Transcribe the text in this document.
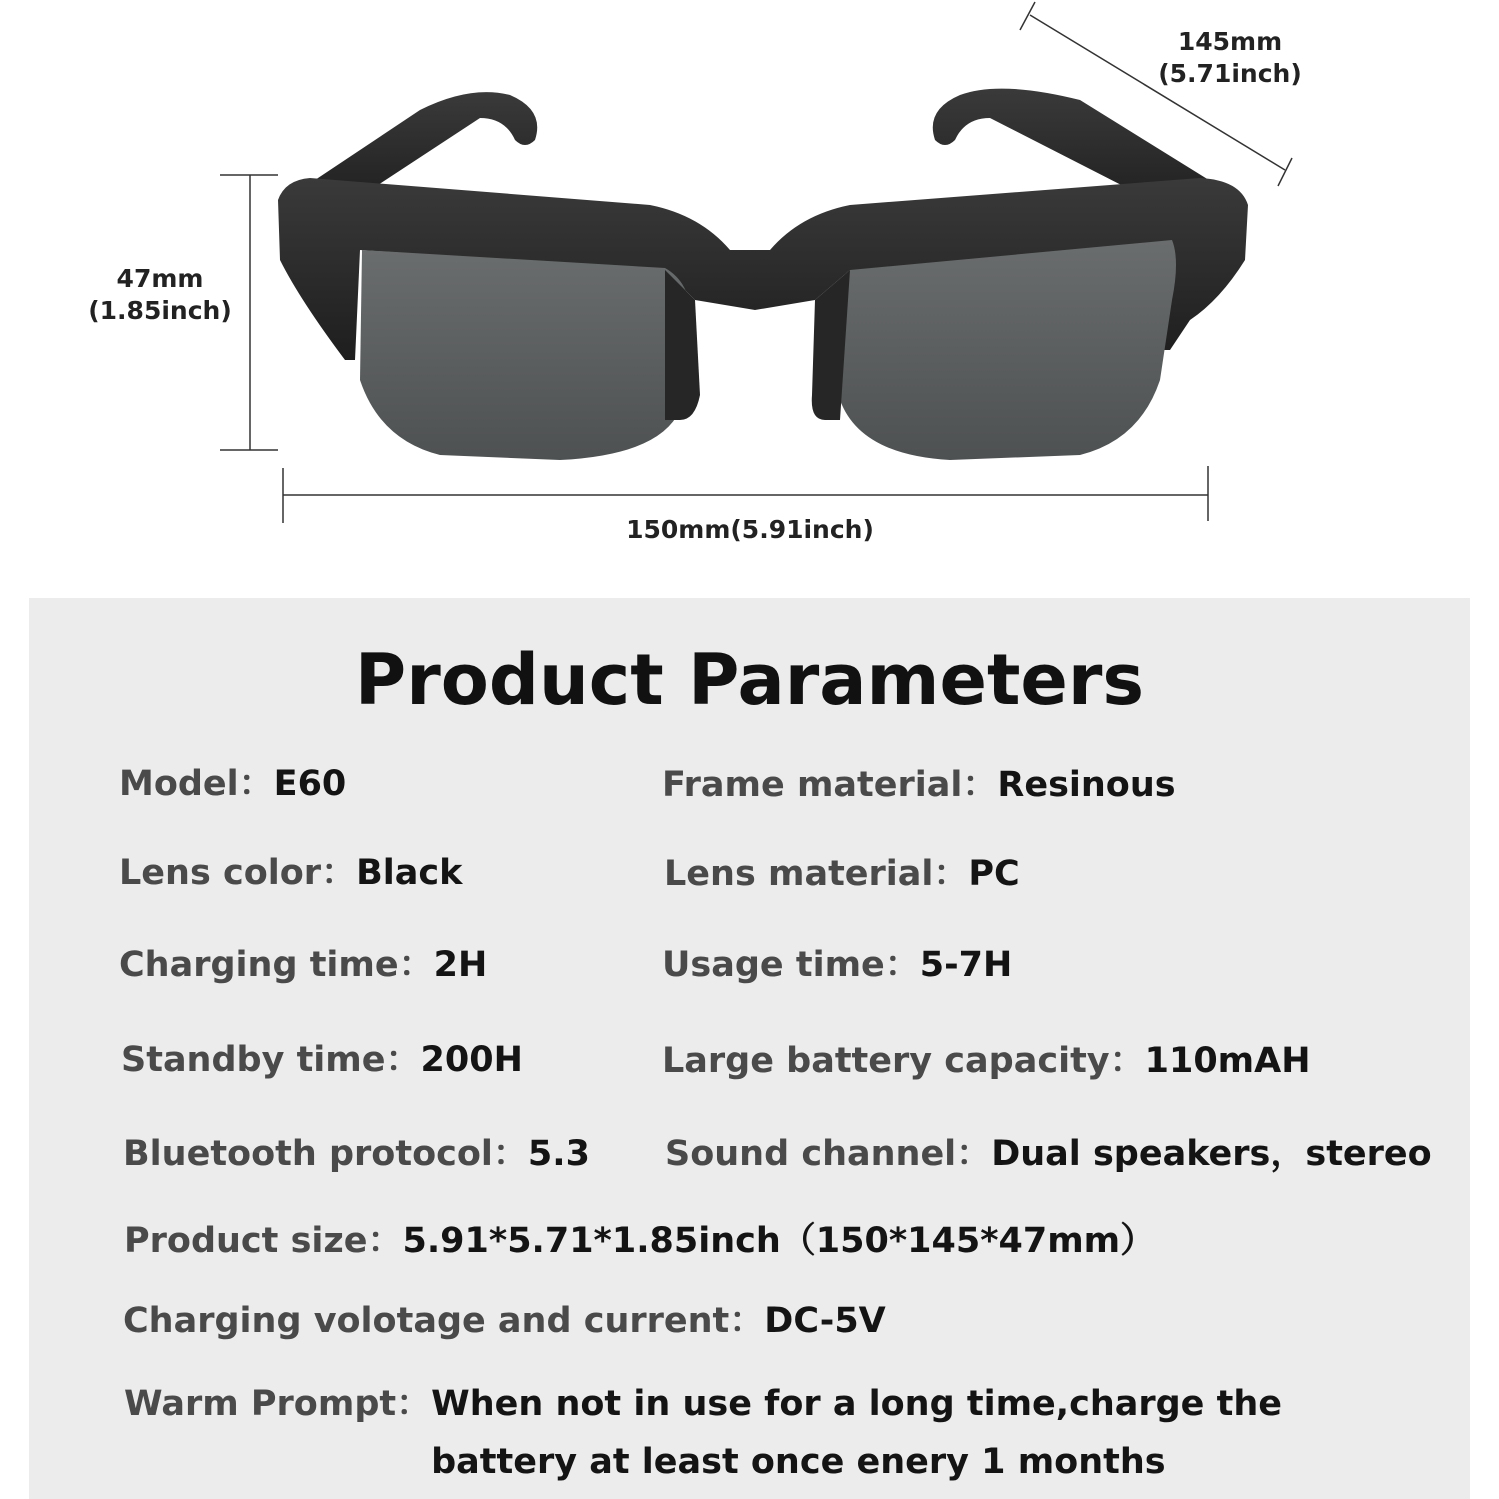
145mm
(5.71inch)
47mm
(1.85inch)
150mm(5.91inch)
Product Parameters
Model：E60	Frame material：Resinous
Lens color：Black	Lens material：PC
Charging time：2H	Usage time：5-7H
Standby time：200H	Large battery capacity：110mAH
Bluetooth protocol：5.3 Sound channel：Dual speakers，stereo
Product size：5.91*5.71*1.85inch（150*145*47mm）
Charging volotage and current：DC-5V
Warm Prompt：When not in use for a long time,charge the battery at least once enery 1 months
